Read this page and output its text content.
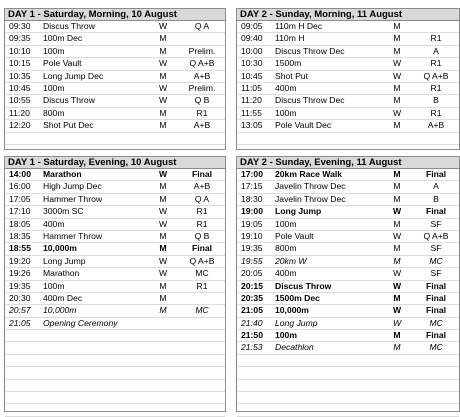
DAY 1 - Saturday, Morning, 10 August
09:30	Discus Throw	W	Q A
09:35	100m Dec	M
10:10	100m	M	Prelim.
10:15	Pole Vault	W	Q A+B
10:35	Long Jump Dec	M	A+B
10:45	100m	W	Prelim.
10:55	Discus Throw	W	Q B
11:20	800m	M	R1
12:20	Shot Put Dec	M	A+B
DAY 2 - Sunday, Morning, 11 August
09:05	110m H Dec	M
09:40	110m H	M	R1
10:00	Discus Throw Dec	M	A
10:30	1500m	W	R1
10:45	Shot Put	W	Q A+B
11:05	400m	M	R1
11:20	Discus Throw Dec	M	B
11:55	100m	W	R1
13:05	Pole Vault Dec	M	A+B
DAY 1 - Saturday, Evening, 10 August
14:00	Marathon	W	Final
16:00	High Jump Dec	M	A+B
17:05	Hammer Throw	M	Q A
17:10	3000m SC	W	R1
18:05	400m	W	R1
18:35	Hammer Throw	M	Q B
18:55	10,000m	M	Final
19:20	Long Jump	W	Q A+B
19:26	Marathon	W	MC
19:35	100m	M	R1
20:30	400m Dec	M
20:57	10,000m	M	MC
21:05	Opening Ceremony
DAY 2 - Sunday, Evening, 11 August
17:00	20km Race Walk	M	Final
17:15	Javelin Throw Dec	M	A
18:30	Javelin Throw Dec	M	B
19:00	Long Jump	W	Final
19:05	100m	M	SF
19:10	Pole Vault	W	Q A+B
19:35	800m	M	SF
19:55	20km W	M	MC
20:05	400m	W	SF
20:15	Discus Throw	W	Final
20:35	1500m Dec	M	Final
21:05	10,000m	W	Final
21:40	Long Jump	W	MC
21:50	100m	M	Final
21:53	Decathlon	M	MC
